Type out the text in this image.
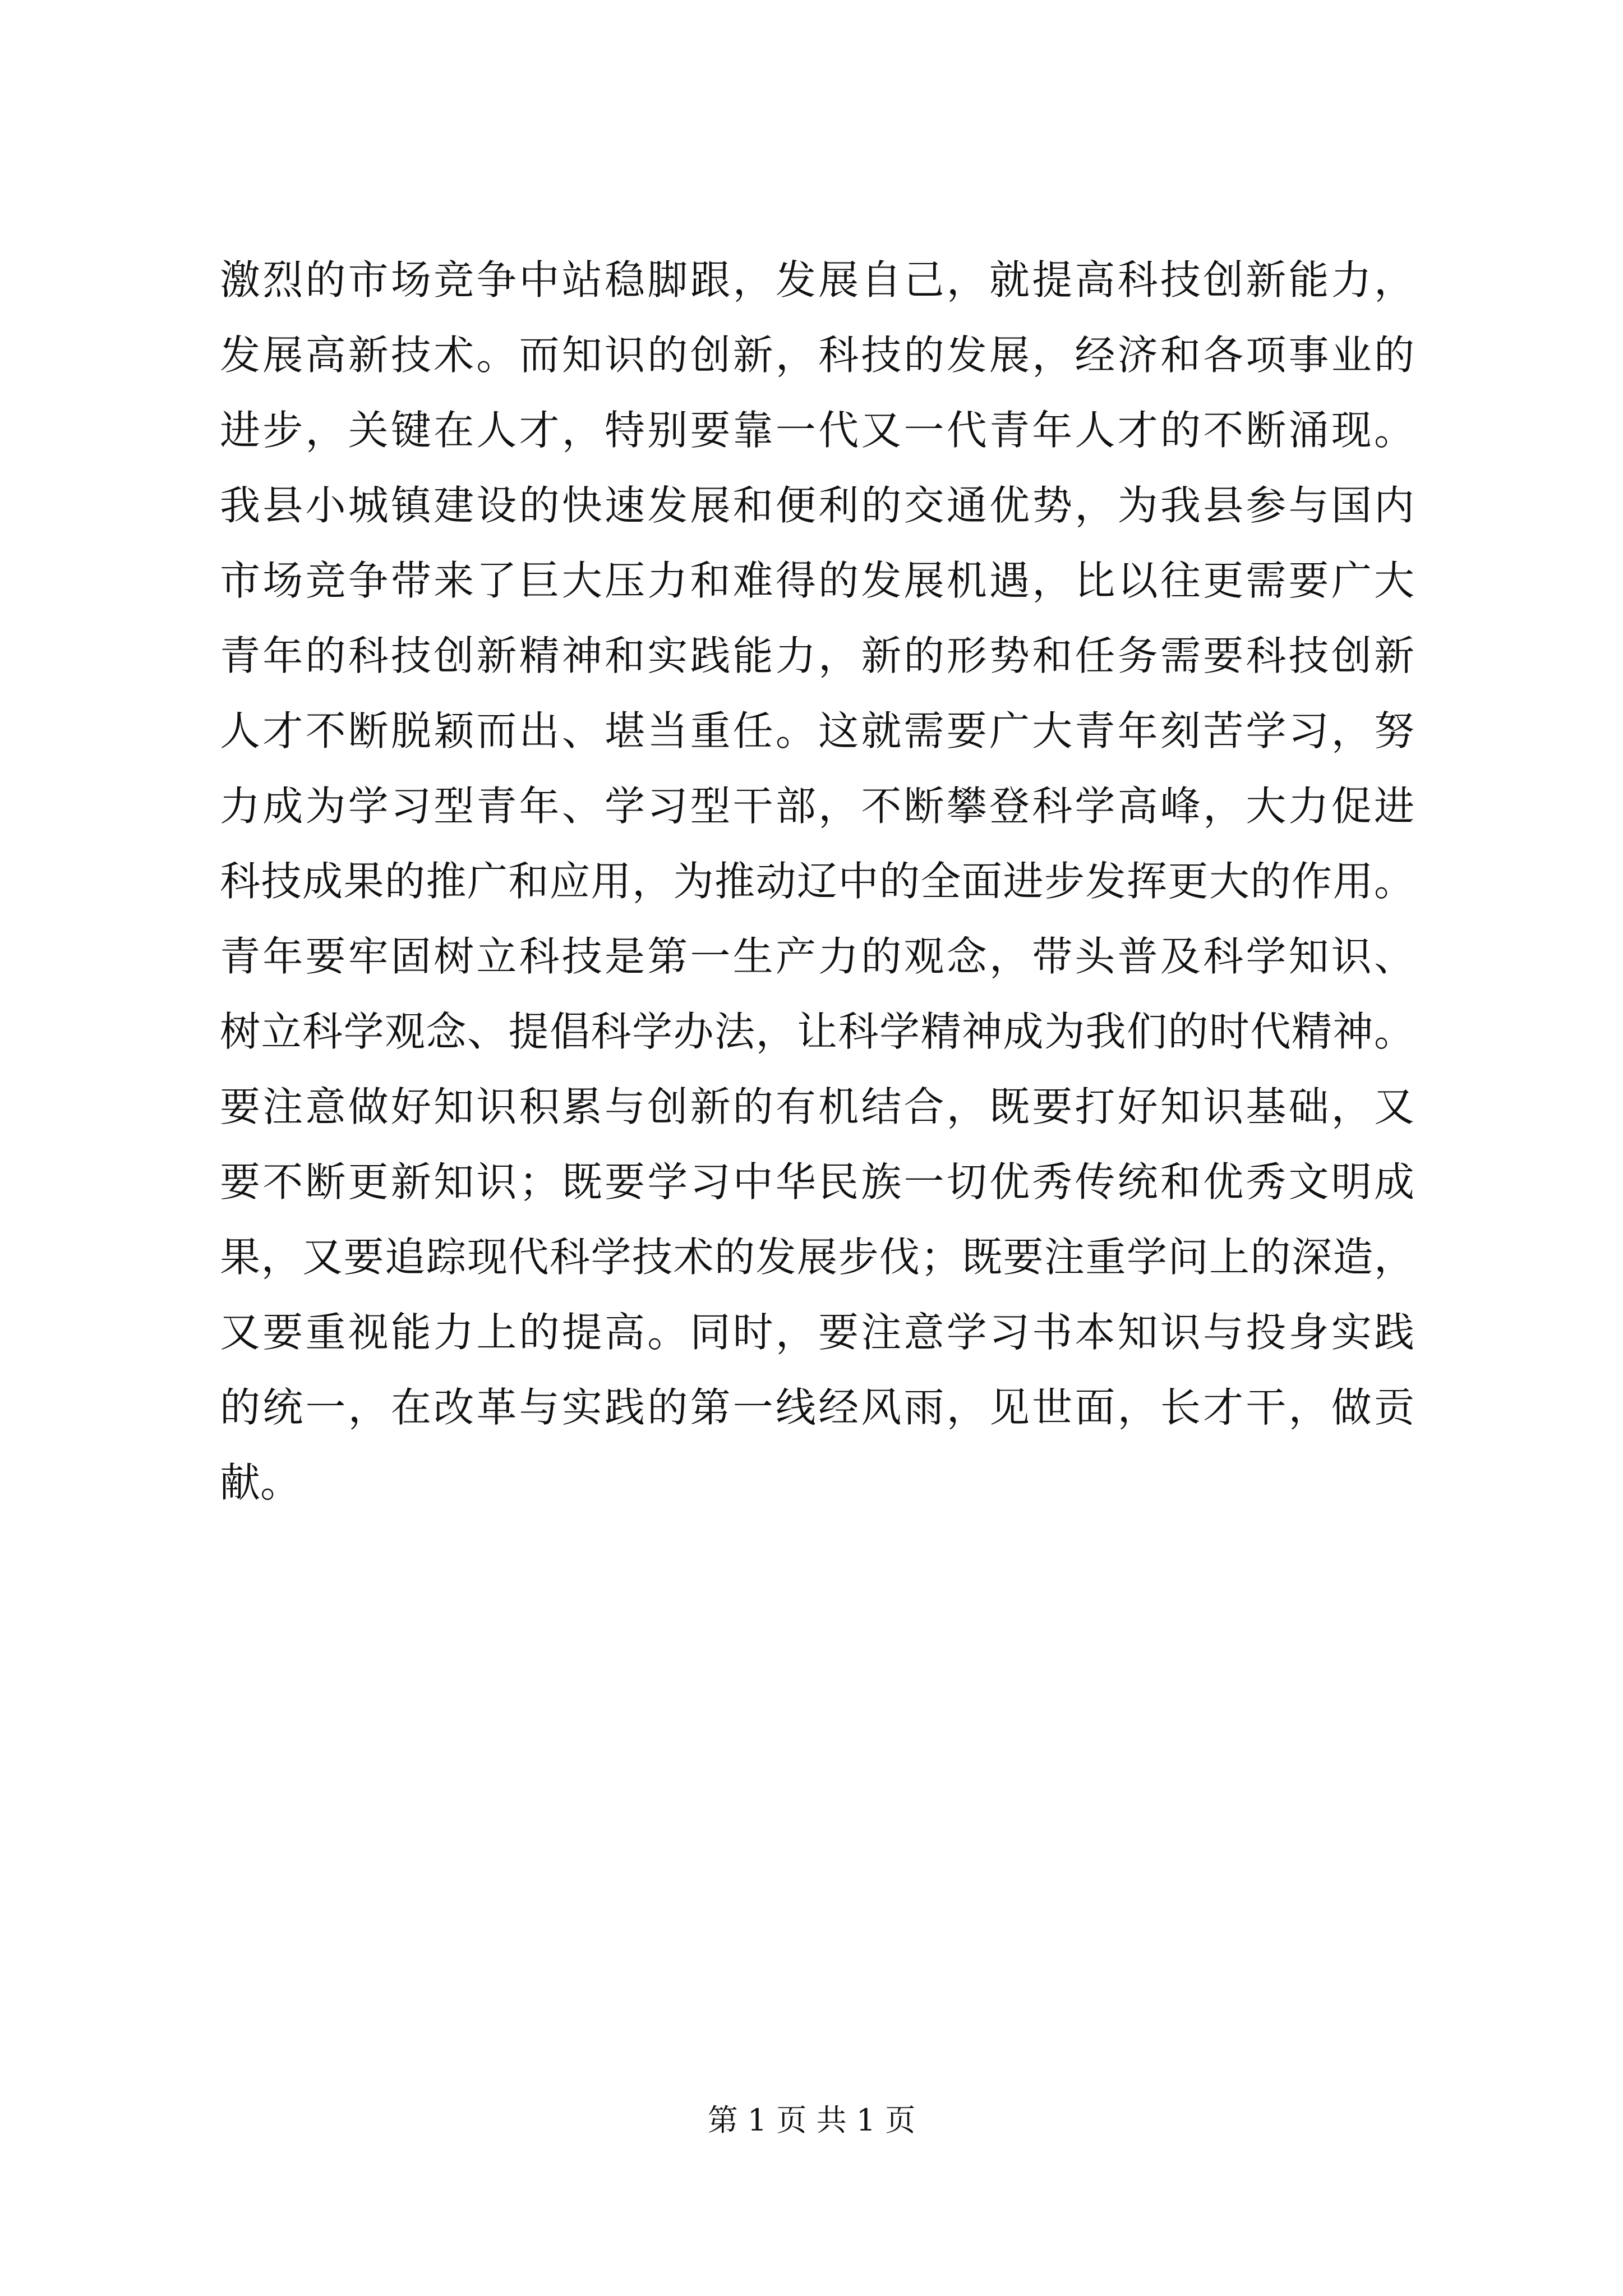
激烈的市场竞争中站稳脚跟，发展自己，就提高科技创新能力，
发展高新技术。而知识的创新，科技的发展，经济和各项事业的
进步，关键在人才，特别要靠一代又一代青年人才的不断涌现。
我县小城镇建设的快速发展和便利的交通优势，为我县参与国内
市场竞争带来了巨大压力和难得的发展机遇，比以往更需要广大
青年的科技创新精神和实践能力，新的形势和任务需要科技创新
人才不断脱颖而出、堪当重任。这就需要广大青年刻苦学习，努
力成为学习型青年、学习型干部，不断攀登科学高峰，大力促进
科技成果的推广和应用，为推动辽中的全面进步发挥更大的作用。
青年要牢固树立科技是第一生产力的观念，带头普及科学知识、
树立科学观念、提倡科学办法，让科学精神成为我们的时代精神。
要注意做好知识积累与创新的有机结合，既要打好知识基础，又
要不断更新知识；既要学习中华民族一切优秀传统和优秀文明成
果，又要追踪现代科学技术的发展步伐；既要注重学问上的深造，
又要重视能力上的提高。同时，要注意学习书本知识与投身实践
的统一，在改革与实践的第一线经风雨，见世面，长才干，做贡
献。
第 1 页 共 1 页
